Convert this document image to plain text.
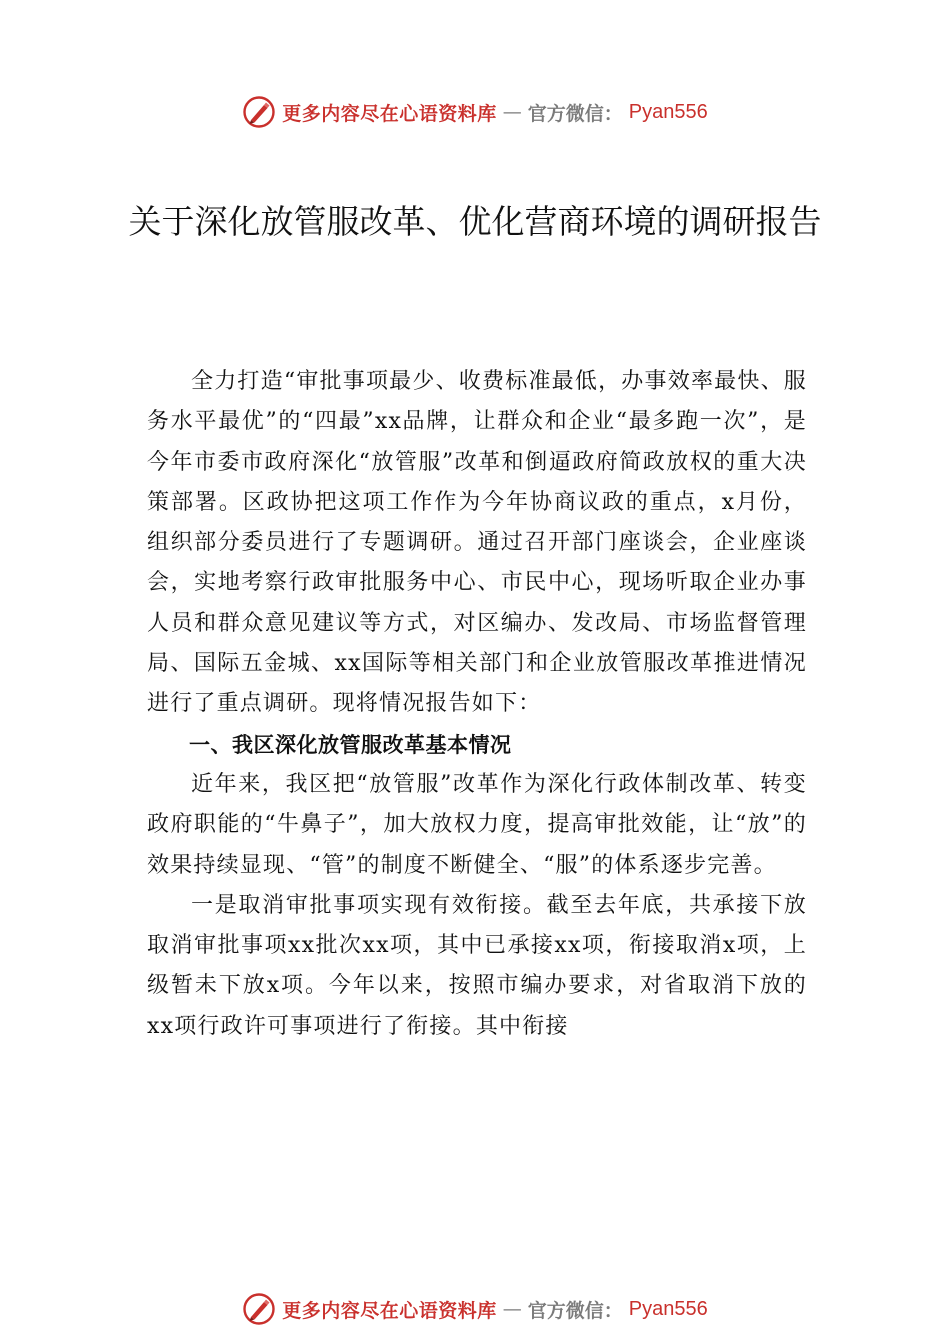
更多内容尽在心语资料库 — 官方微信： Pyan556
关于深化放管服改革、优化营商环境的调研报告

全力打造“审批事项最少、收费标准最低，办事效率最快、服务水平最优”的“四最”xx品牌，让群众和企业“最多跑一次”，是今年市委市政府深化“放管服”改革和倒逼政府简政放权的重大决策部署。区政协把这项工作作为今年协商议政的重点，x月份，组织部分委员进行了专题调研。通过召开部门座谈会，企业座谈会，实地考察行政审批服务中心、市民中心，现场听取企业办事人员和群众意见建议等方式，对区编办、发改局、市场监督管理局、国际五金城、xx国际等相关部门和企业放管服改革推进情况进行了重点调研。现将情况报告如下：

一、我区深化放管服改革基本情况

近年来，我区把“放管服”改革作为深化行政体制改革、转变政府职能的“牛鼻子”，加大放权力度，提高审批效能，让“放”的效果持续显现、“管”的制度不断健全、“服”的体系逐步完善。

一是取消审批事项实现有效衔接。截至去年底，共承接下放取消审批事项xx批次xx项，其中已承接xx项，衔接取消x项，上级暂未下放x项。今年以来，按照市编办要求，对省取消下放的xx项行政许可事项进行了衔接。其中衔接

更多内容尽在心语资料库 — 官方微信： Pyan556
